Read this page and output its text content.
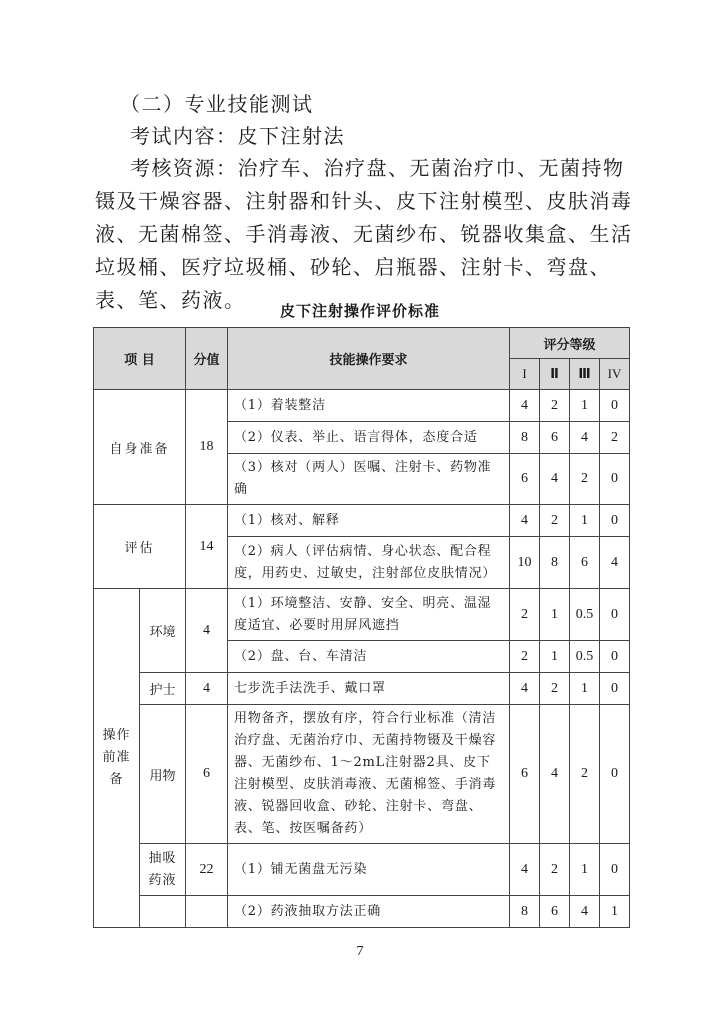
（二）专业技能测试

考试内容：皮下注射法

考核资源：治疗车、治疗盘、无菌治疗巾、无菌持物镊及干燥容器、注射器和针头、皮下注射模型、皮肤消毒液、无菌棉签、手消毒液、无菌纱布、锐器收集盒、生活垃圾桶、医疗垃圾桶、砂轮、启瓶器、注射卡、弯盘、表、笔、药液。	皮下注射操作评价标准
项 目		分值	技能操作要求	评分等级			
				I	Ⅱ	Ⅲ	IV
自身准备		18	（1）着装整洁	4	2	1	0
			（2）仪表、举止、语言得体，态度合适	8	6	4	2
			（3）核对（两人）医嘱、注射卡、药物准确	6	4	2	0
评估		14	（1）核对、解释	4	2	1	0
			（2）病人（评估病情、身心状态、配合程度，用药史、过敏史，注射部位皮肤情况）	10	8	6	4
操作前准备	环境	4	（1）环境整洁、安静、安全、明亮、温湿度适宜、必要时用屏风遮挡	2	1	0.5	0
			（2）盘、台、车清洁	2	1	0.5	0
	护士	4	七步洗手法洗手、戴口罩	4	2	1	0
	用物	6	用物备齐，摆放有序，符合行业标准（清洁治疗盘、无菌治疗巾、无菌持物镊及干燥容器、无菌纱布、1～2mL注射器2具、皮下注射模型、皮肤消毒液、无菌棉签、手消毒液、锐器回收盒、砂轮、注射卡、弯盘、表、笔、按医嘱备药）	6	4	2	0
	抽吸药液	22	（1）铺无菌盘无污染	4	2	1	0
			（2）药液抽取方法正确	8	6	4	1
7
